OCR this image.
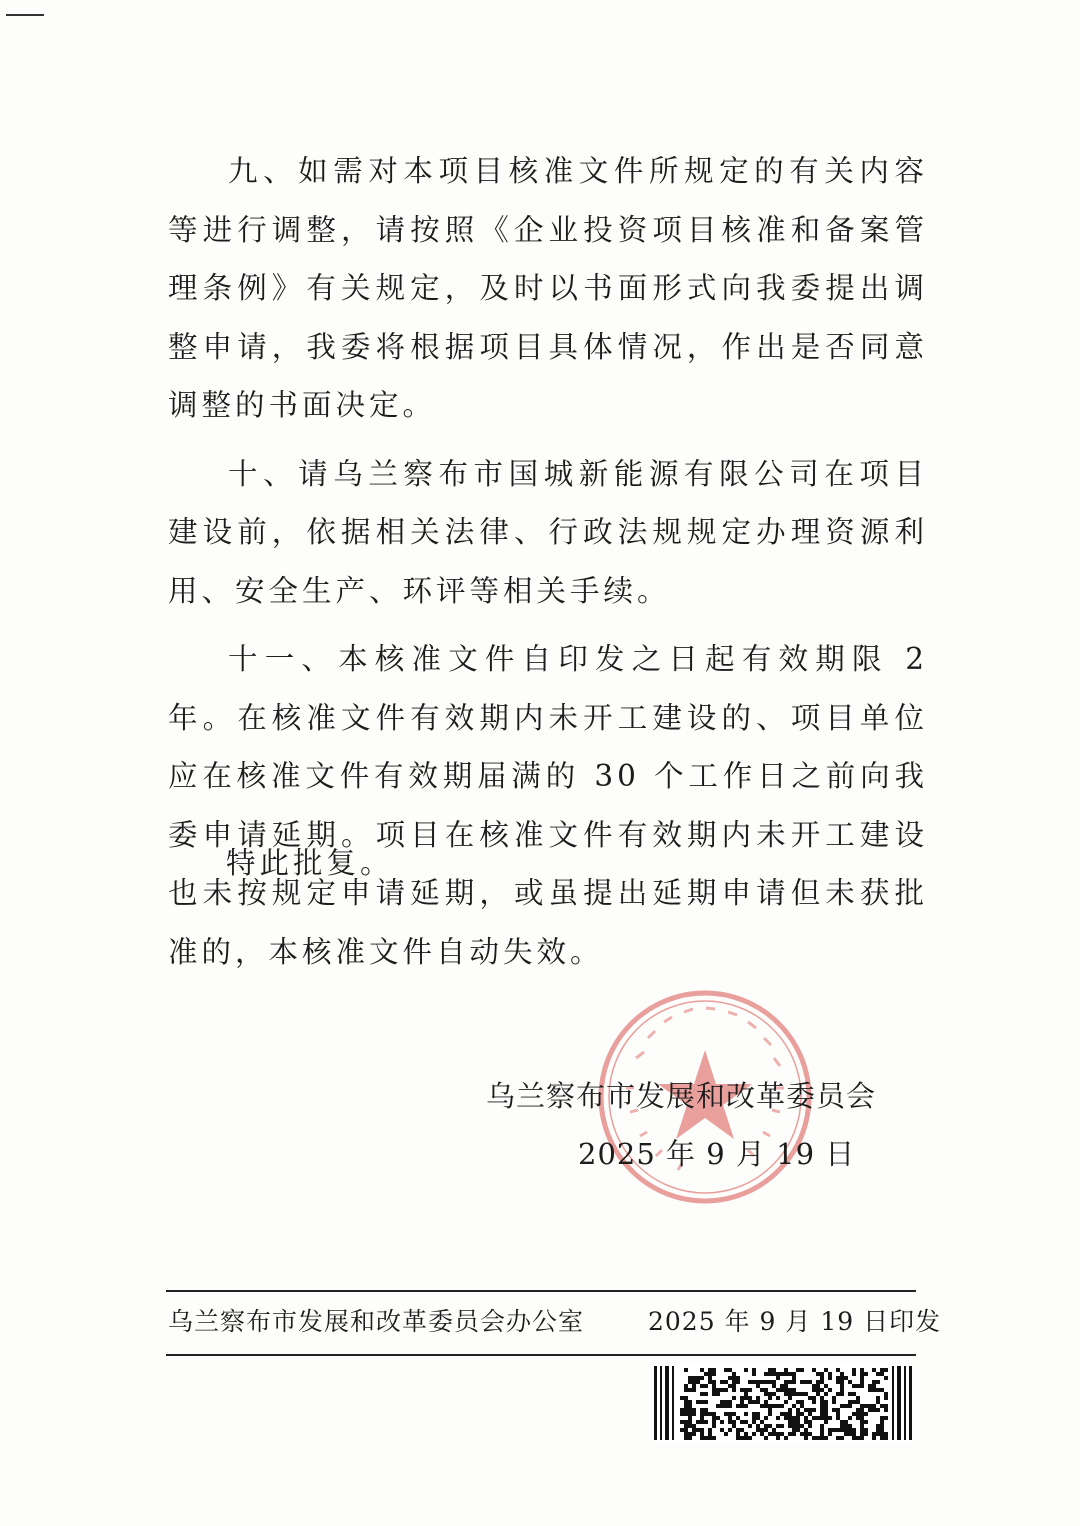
九、如需对本项目核准文件所规定的有关内容等进行调整，请按照《企业投资项目核准和备案管理条例》有关规定，及时以书面形式向我委提出调整申请，我委将根据项目具体情况，作出是否同意调整的书面决定。

十、请乌兰察布市国城新能源有限公司在项目建设前，依据相关法律、行政法规规定办理资源利用、安全生产、环评等相关手续。

十一、本核准文件自印发之日起有效期限 2 年。在核准文件有效期内未开工建设的、项目单位应在核准文件有效期届满的 30 个工作日之前向我委申请延期。项目在核准文件有效期内未开工建设也未按规定申请延期，或虽提出延期申请但未获批准的，本核准文件自动失效。

特此批复。
乌兰察布市发展和改革委员会
2025 年 9 月 19 日
乌兰察布市发展和改革委员会办公室	2025 年 9 月 19 日印发
